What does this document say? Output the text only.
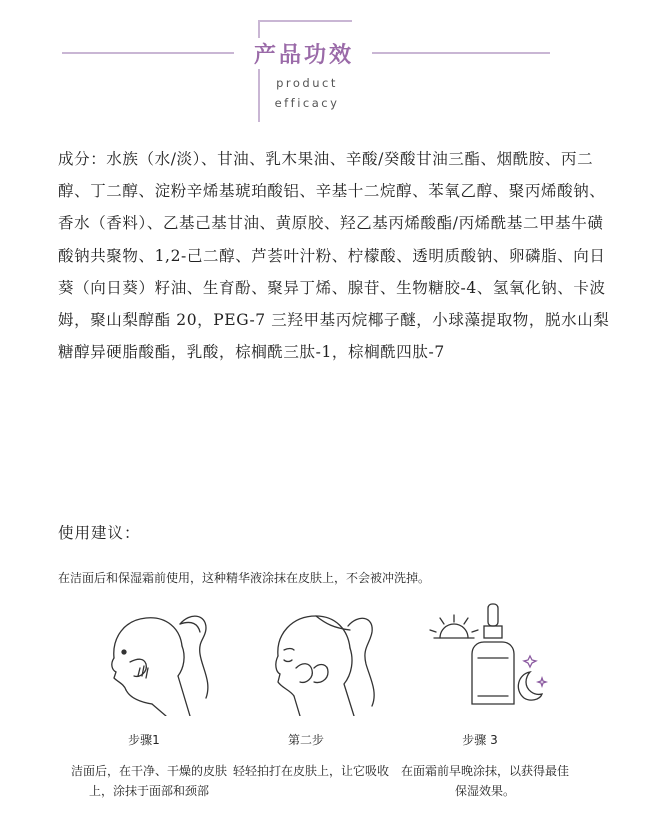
产品功效
product
efficacy
成分：水族（水/淡）、甘油、乳木果油、辛酸/癸酸甘油三酯、烟酰胺、丙二醇、丁二醇、淀粉辛烯基琥珀酸铝、辛基十二烷醇、苯氧乙醇、聚丙烯酸钠、香水（香料）、乙基己基甘油、黄原胶、羟乙基丙烯酸酯/丙烯酰基二甲基牛磺酸钠共聚物、1,2-己二醇、芦荟叶汁粉、柠檬酸、透明质酸钠、卵磷脂、向日葵（向日葵）籽油、生育酚、聚异丁烯、腺苷、生物糖胶-4、氢氧化钠、卡波姆，聚山梨醇酯 20，PEG-7 三羟甲基丙烷椰子醚，小球藻提取物，脱水山梨糖醇异硬脂酸酯，乳酸，棕榈酰三肽-1，棕榈酰四肽-7
使用建议：
在洁面后和保湿霜前使用，这种精华液涂抹在皮肤上，不会被冲洗掉。
步骤1	第二步	步骤 3
洁面后，在干净、干燥的皮肤上，涂抹于面部和颈部
轻轻拍打在皮肤上，让它吸收 在面霜前早晚涂抹，以获得最佳保湿效果。
